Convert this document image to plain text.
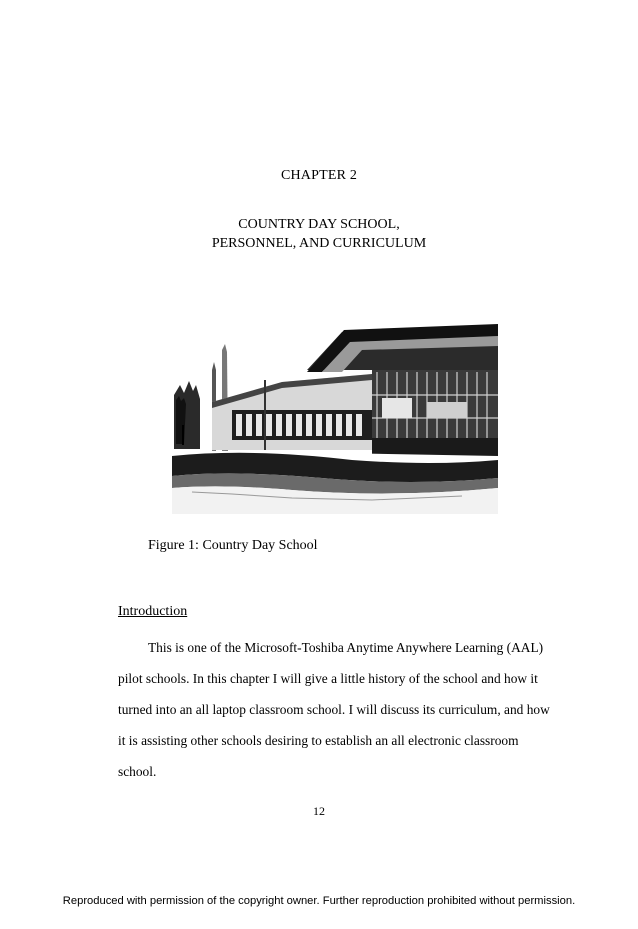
CHAPTER 2
COUNTRY DAY SCHOOL,
PERSONNEL, AND CURRICULUM
Figure 1: Country Day School
Introduction

This is one of the Microsoft-Toshiba Anytime Anywhere Learning (AAL) pilot schools. In this chapter I will give a little history of the school and how it turned into an all laptop classroom school. I will discuss its curriculum, and how it is assisting other schools desiring to establish an all electronic classroom school.

12
Reproduced with permission of the copyright owner. Further reproduction prohibited without permission.
